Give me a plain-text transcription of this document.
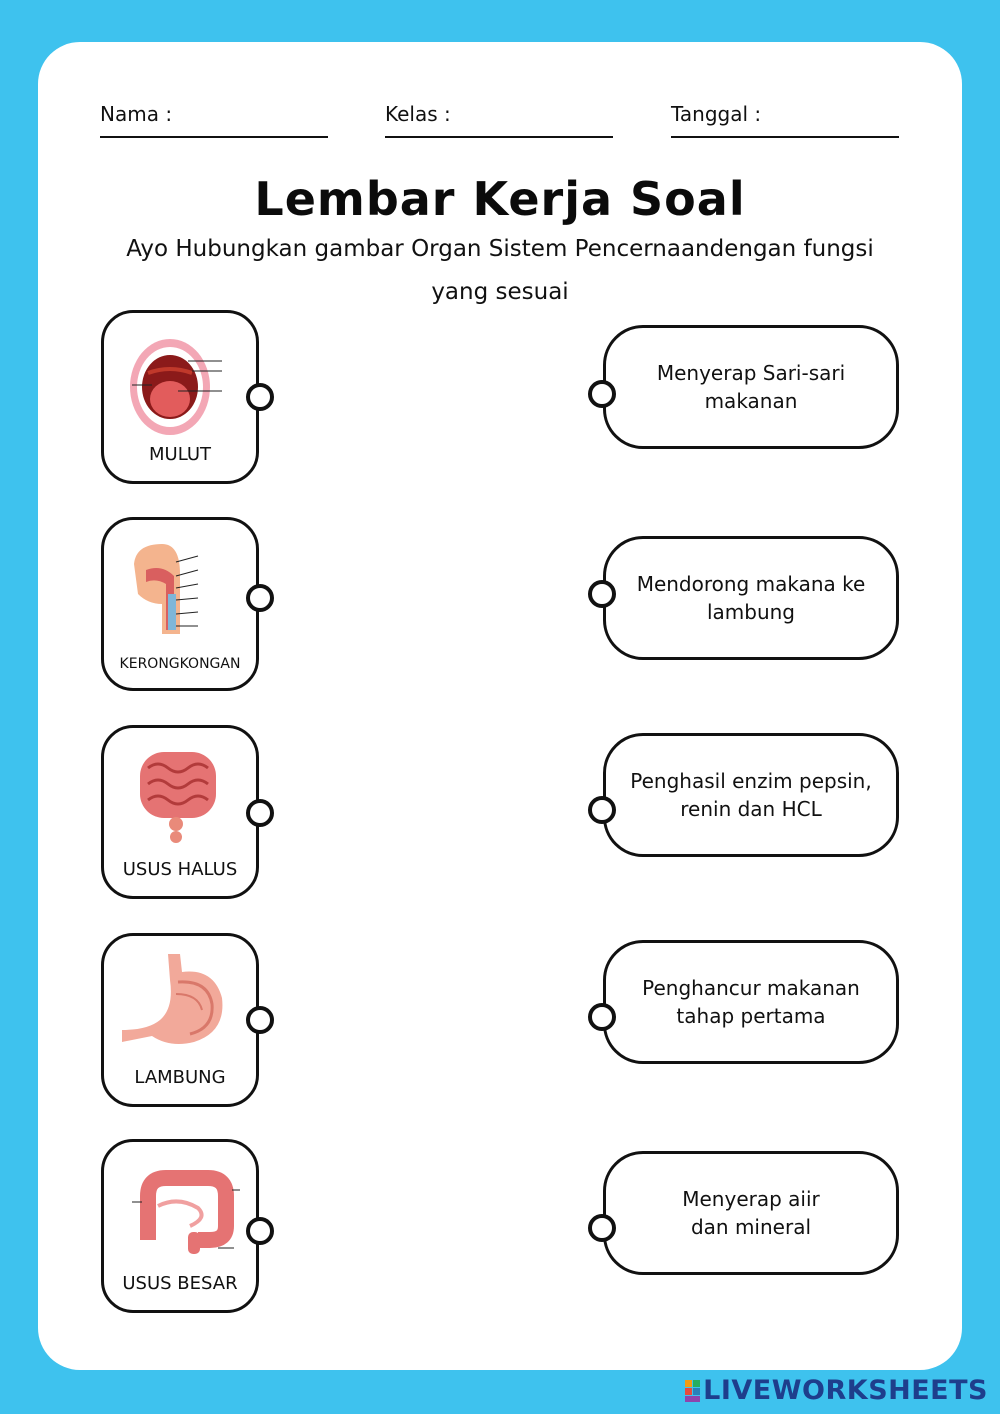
Nama :	Kelas :	Tanggal :
Lembar Kerja Soal
Ayo Hubungkan gambar Organ Sistem Pencernaandengan fungsi
yang sesuai
MULUT
KERONGKONGAN
USUS HALUS
LAMBUNG
USUS BESAR
Menyerap Sari-sari
makanan
Mendorong makana ke
lambung
Penghasil enzim pepsin,
renin dan HCL
Penghancur makanan
tahap pertama
Menyerap aiir
dan mineral
LIVEWORKSHEETS
